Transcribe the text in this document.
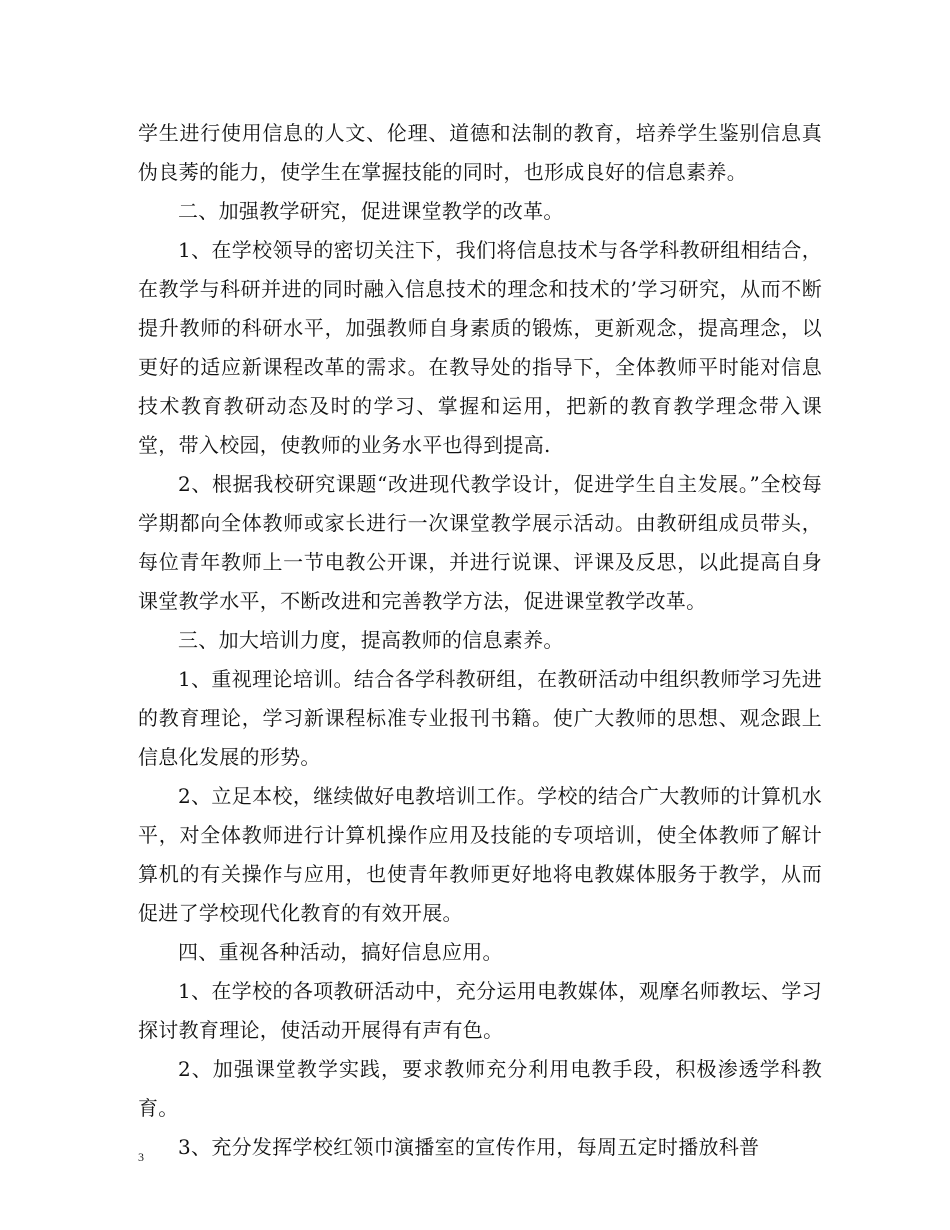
学生进行使用信息的人文、伦理、道德和法制的教育，培养学生鉴别信息真伪良莠的能力，使学生在掌握技能的同时，也形成良好的信息素养。

二、加强教学研究，促进课堂教学的改革。

1、在学校领导的密切关注下，我们将信息技术与各学科教研组相结合，在教学与科研并进的同时融入信息技术的理念和技术的’学习研究，从而不断提升教师的科研水平，加强教师自身素质的锻炼，更新观念，提高理念，以更好的适应新课程改革的需求。在教导处的指导下，全体教师平时能对信息技术教育教研动态及时的学习、掌握和运用，把新的教育教学理念带入课堂，带入校园，使教师的业务水平也得到提高.

2、根据我校研究课题“改进现代教学设计，促进学生自主发展。”全校每学期都向全体教师或家长进行一次课堂教学展示活动。由教研组成员带头，每位青年教师上一节电教公开课，并进行说课、评课及反思，以此提高自身课堂教学水平，不断改进和完善教学方法，促进课堂教学改革。

三、加大培训力度，提高教师的信息素养。

1、重视理论培训。结合各学科教研组，在教研活动中组织教师学习先进的教育理论，学习新课程标准专业报刊书籍。使广大教师的思想、观念跟上信息化发展的形势。

2、立足本校，继续做好电教培训工作。学校的结合广大教师的计算机水平，对全体教师进行计算机操作应用及技能的专项培训，使全体教师了解计算机的有关操作与应用，也使青年教师更好地将电教媒体服务于教学，从而促进了学校现代化教育的有效开展。

四、重视各种活动，搞好信息应用。

1、在学校的各项教研活动中，充分运用电教媒体，观摩名师教坛、学习探讨教育理论，使活动开展得有声有色。

2、加强课堂教学实践，要求教师充分利用电教手段，积极渗透学科教育。

3、充分发挥学校红领巾演播室的宣传作用，每周五定时播放科普

3
